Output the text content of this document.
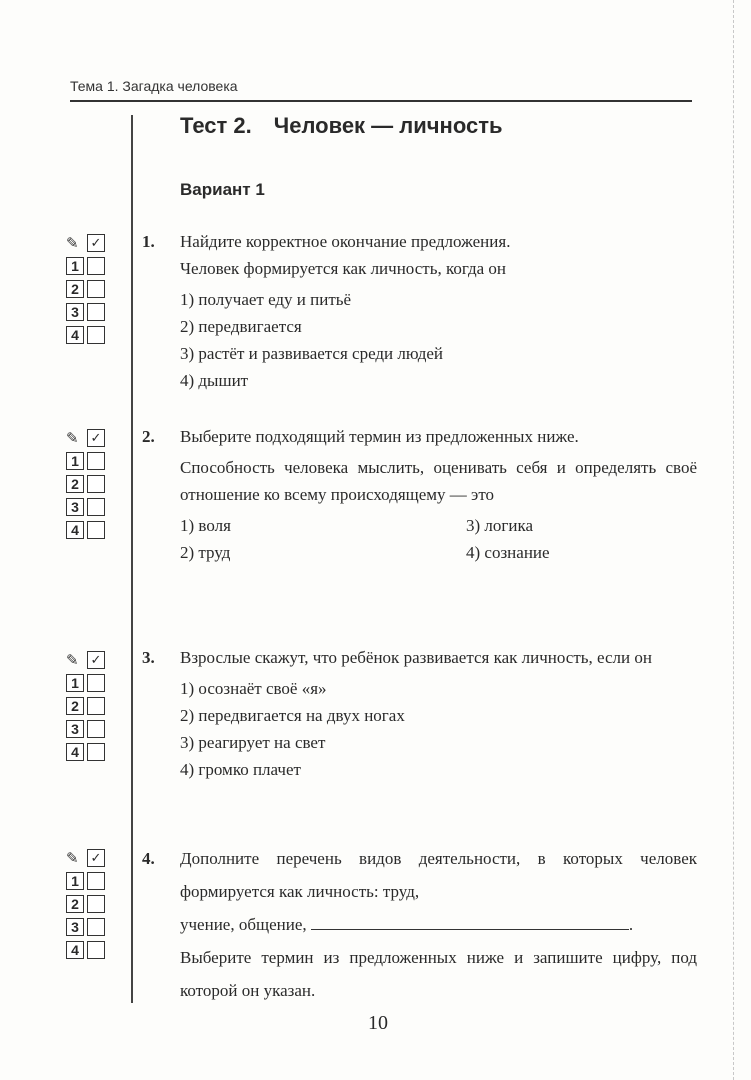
Тема 1. Загадка человека
Тест 2. Человек — личность
Вариант 1
✎ ✓
1
2
3
4
✎ ✓
1
2
3
4
✎ ✓
1
2
3
4
✎ ✓
1
2
3
4
1. Найдите корректное окончание предложения.

Человек формируется как личность, когда он

1) получает еду и питьё

2) передвигается

3) растёт и развивается среди людей

4) дышит

2. Выберите подходящий термин из предложенных ниже.

Способность человека мыслить, оценивать себя и определять своё отношение ко всему происходящему — это

1) воля	3) логика

2) труд	4) сознание

3. Взрослые скажут, что ребёнок развивается как личность, если он

1) осознаёт своё «я»

2) передвигается на двух ногах

3) реагирует на свет

4) громко плачет

4. Дополните перечень видов деятельности, в которых человек формируется как личность: труд,

учение, общение,	.

Выберите термин из предложенных ниже и запишите цифру, под которой он указан.

10
